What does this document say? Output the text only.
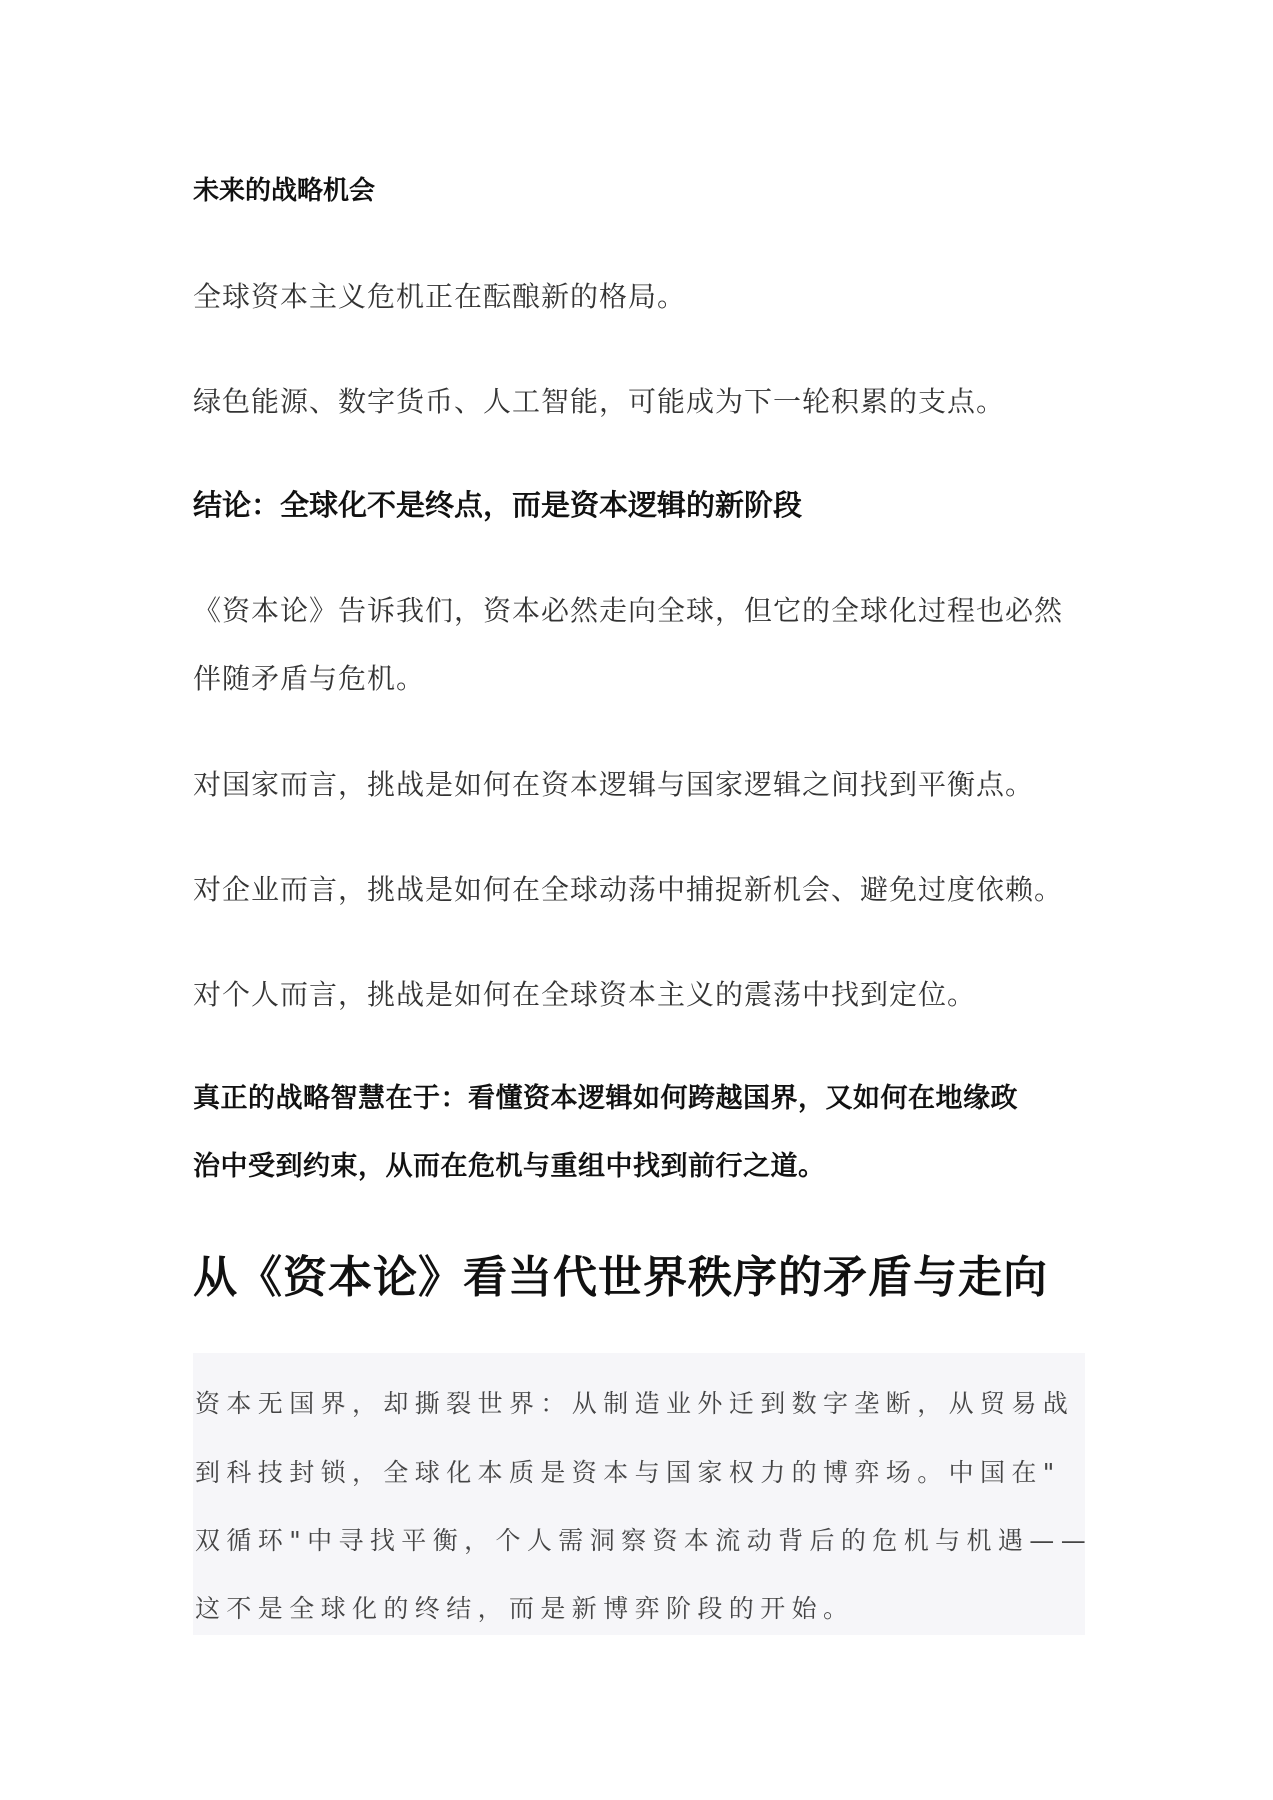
未来的战略机会
全球资本主义危机正在酝酿新的格局。
绿色能源、数字货币、人工智能，可能成为下一轮积累的支点。
结论：全球化不是终点，而是资本逻辑的新阶段
《资本论》告诉我们，资本必然走向全球，但它的全球化过程也必然
伴随矛盾与危机。
对国家而言，挑战是如何在资本逻辑与国家逻辑之间找到平衡点。
对企业而言，挑战是如何在全球动荡中捕捉新机会、避免过度依赖。
对个人而言，挑战是如何在全球资本主义的震荡中找到定位。
真正的战略智慧在于：看懂资本逻辑如何跨越国界，又如何在地缘政
治中受到约束，从而在危机与重组中找到前行之道。
从《资本论》看当代世界秩序的矛盾与走向
资本无国界，却撕裂世界：从制造业外迁到数字垄断，从贸易战
到科技封锁，全球化本质是资本与国家权力的博弈场。中国在"
双循环"中寻找平衡，个人需洞察资本流动背后的危机与机遇——
这不是全球化的终结，而是新博弈阶段的开始。
